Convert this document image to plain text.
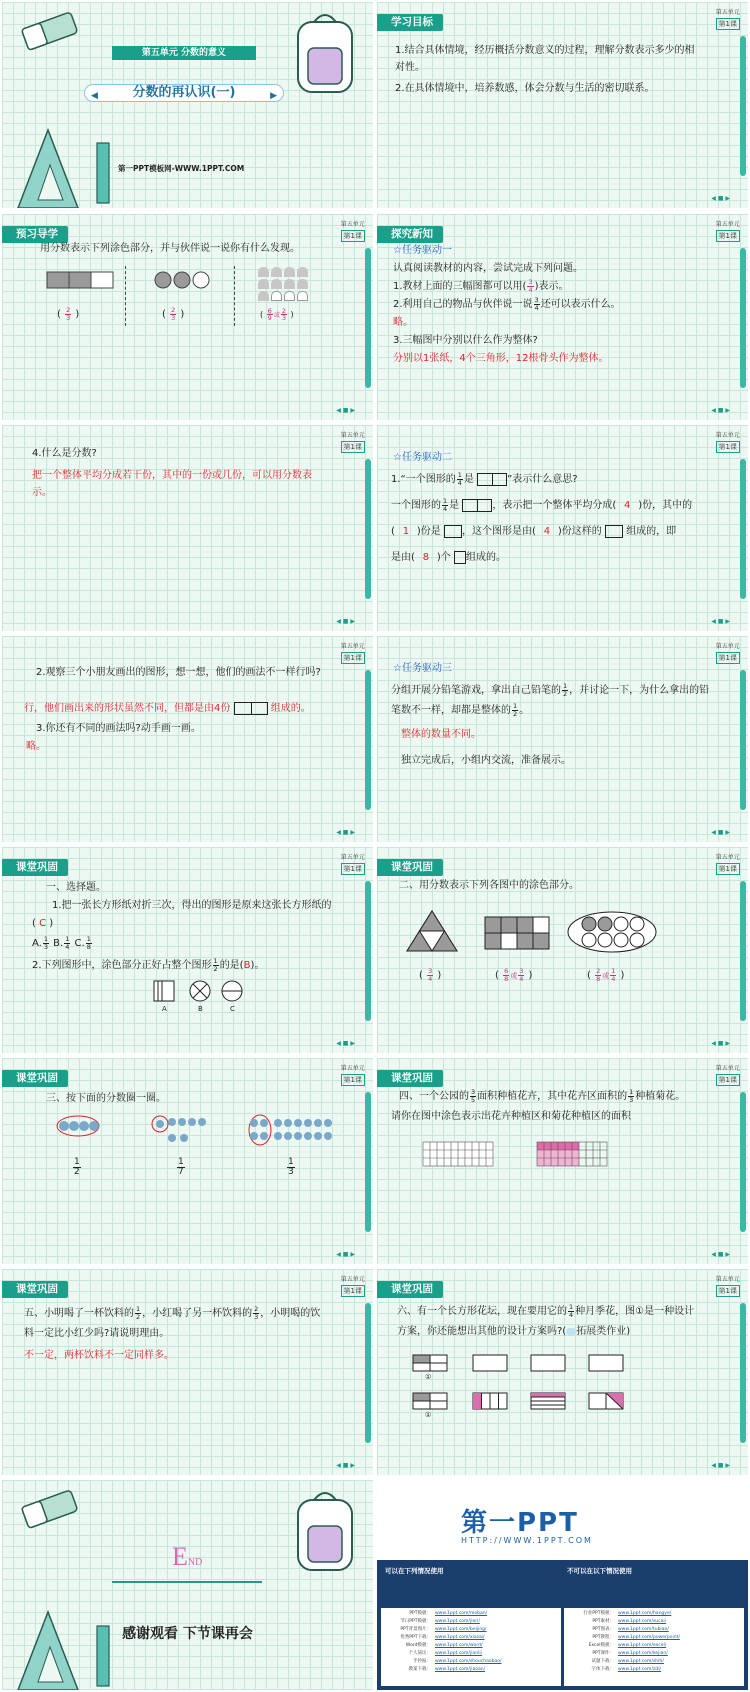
第五单元 分数的意义
◀	分数的再认识(一)	▶
第一PPT模板网-WWW.1PPT.COM
学习目标
第五单元
第1课
1.结合具体情境，经历概括分数意义的过程，理解分数表示多少的相对性。
2.在具体情境中，培养数感，体会分数与生活的密切联系。
◀ ■ ▶
预习导学
第五单元
第1课
用分数表示下列涂色部分，并与伙伴说一说你有什么发现。
( $\frac{2}{3}$ )	( $\frac{2}{3}$ )	( $\frac{6}{9}$ 或 $\frac{2}{3}$ )
◀ ■ ▶
探究新知
第五单元
第1课
☆任务驱动一
认真阅读教材的内容，尝试完成下列问题。
1.教材上面的三幅图都可以用( $\frac{3}{4}$ )表示。
2.利用自己的物品与伙伴说一说 $\frac{3}{4}$ 还可以表示什么。
略。
3.三幅图中分别以什么作为整体?
分别以1张纸，4个三角形，12根骨头作为整体。
◀ ■ ▶
第五单元
第1课
4.什么是分数?
把一个整体平均分成若干份，其中的一份或几份，可以用分数表示。
◀ ■ ▶
第五单元
第1课
☆任务驱动二
1.“一个图形的 $\frac{1}{4}$ 是	”表示什么意思?
一个图形的 $\frac{1}{4}$ 是	，表示把一个整体平均分成( 4 )份，其中的
( 1 )份是 ，这个图形是由( 4 )份这样的 组成的，即
是由( 8 )个 组成的。
◀ ■ ▶
第五单元
第1课
2.观察三个小朋友画出的图形，想一想，他们的画法不一样行吗?
行，他们画出来的形状虽然不同，但都是由4份	组成的。
3.你还有不同的画法吗?动手画一画。
略。
◀ ■ ▶
第五单元
第1课
☆任务驱动三
分组开展分铅笔游戏，拿出自己铅笔的 $\frac{1}{2}$ ，并讨论一下，为什么拿出的铅
笔数不一样，却都是整体的 $\frac{1}{2}$ 。
整体的数量不同。
独立完成后，小组内交流，准备展示。
◀ ■ ▶
课堂巩固
第五单元
第1课
一、选择题。
1.把一张长方形纸对折三次，得出的图形是原来这张长方形纸的
( C )
A. $\frac{1}{3} B$. $\frac{1}{4} C$. $\frac{1}{8}$
2.下列图形中，涂色部分正好占整个图形 $\frac{1}{2}$ 的是(B)。
A	B	C
◀ ■ ▶
课堂巩固
第五单元
第1课
二、用分数表示下列各图中的涂色部分。
( $\frac{3}{4}$ )	( $\frac{6}{8}$ 或 $\frac{3}{4}$ )	( $\frac{2}{8}$ 或 $\frac{1}{4}$ )
◀ ■ ▶
课堂巩固
第五单元
第1课
三、按下面的分数圈一圈。
$\frac{1}{2}$	$\frac{1}{7}$	$\frac{1}{3}$
◀ ■ ▶
课堂巩固
第五单元
第1课
四、一个公园的 $\frac{3}{5}$ 面积种植花卉，其中花卉区面积的 $\frac{1}{3}$ 种植菊花。
请你在图中涂色表示出花卉种植区和菊花种植区的面积
◀ ■ ▶
课堂巩固
第五单元
第1课
五、小明喝了一杯饮料的 $\frac{1}{2}$ ，小红喝了另一杯饮料的 $\frac{2}{3}$ ，小明喝的饮
料一定比小红少吗?请说明理由。
不一定，两杯饮料不一定同样多。
◀ ■ ▶
课堂巩固
第五单元
第1课
六、有一个长方形花坛，现在要用它的 $\frac{1}{4}$ 种月季花，图①是一种设计
方案，你还能想出其他的设计方案吗?( 拓展类作业)
①
①
◀ ■ ▶
END
感谢观看 下节课再会
第一PPT
HTTP://WWW.1PPT.COM
可以在下列情况使用	不可以在以下情况使用
PPT模板： www.1ppt.com/moban/
节日PPT模板： www.1ppt.com/jieri/
PPT背景图片： www.1ppt.com/beijing/
优秀PPT下载： www.1ppt.com/xiazai/
Word模板： www.1ppt.com/word/
个人简历： www.1ppt.com/jianli/
手抄报： www.1ppt.com/shouchaobao/
教案下载： www.1ppt.com/jiaoan/
行业PPT模板： www.1ppt.com/hangye/
PPT素材： www.1ppt.com/sucai/
PPT图表： www.1ppt.com/tubiao/
PPT教程： www.1ppt.com/powerpoint/
Excel模板： www.1ppt.com/excel/
PPT课件： www.1ppt.com/kejian/
试题下载： www.1ppt.com/shiti/
字体下载： www.1ppt.com/ziti/
